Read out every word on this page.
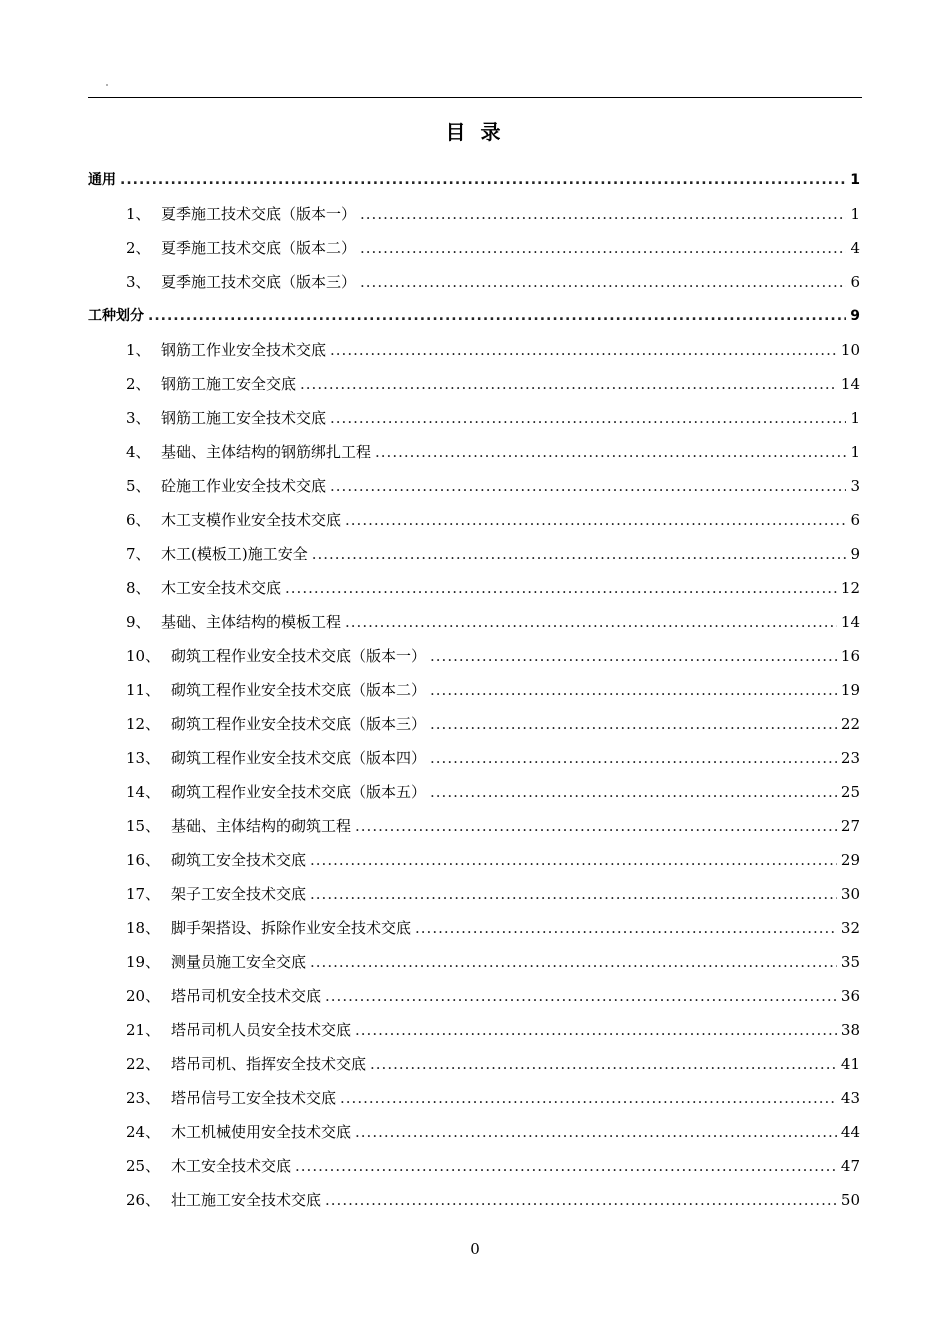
目 录
通用 .....	1
1、 夏季施工技术交底（版本一） .....	1
2、 夏季施工技术交底（版本二） .....	4
3、 夏季施工技术交底（版本三） .....	6
工种划分 .....	9
1、 钢筋工作业安全技术交底 .....	10
2、 钢筋工施工安全交底 .....	14
3、 钢筋工施工安全技术交底 .....	1
4、 基础、主体结构的钢筋绑扎工程 .....	1
5、 砼施工作业安全技术交底 .....	3
6、 木工支模作业安全技术交底 .....	6
7、 木工(模板工)施工安全 .....	9
8、 木工安全技术交底 .....	12
9、 基础、主体结构的模板工程 .....	14
10、 砌筑工程作业安全技术交底（版本一） .....	16
11、 砌筑工程作业安全技术交底（版本二） .....	19
12、 砌筑工程作业安全技术交底（版本三） .....	22
13、 砌筑工程作业安全技术交底（版本四） .....	23
14、 砌筑工程作业安全技术交底（版本五） .....	25
15、 基础、主体结构的砌筑工程 .....	27
16、 砌筑工安全技术交底 .....	29
17、 架子工安全技术交底 .....	30
18、 脚手架搭设、拆除作业安全技术交底 .....	32
19、 测量员施工安全交底 .....	35
20、 塔吊司机安全技术交底 .....	36
21、 塔吊司机人员安全技术交底 .....	38
22、 塔吊司机、指挥安全技术交底 .....	41
23、 塔吊信号工安全技术交底 .....	43
24、 木工机械使用安全技术交底 .....	44
25、 木工安全技术交底 .....	47
26、 壮工施工安全技术交底 .....	50
0
